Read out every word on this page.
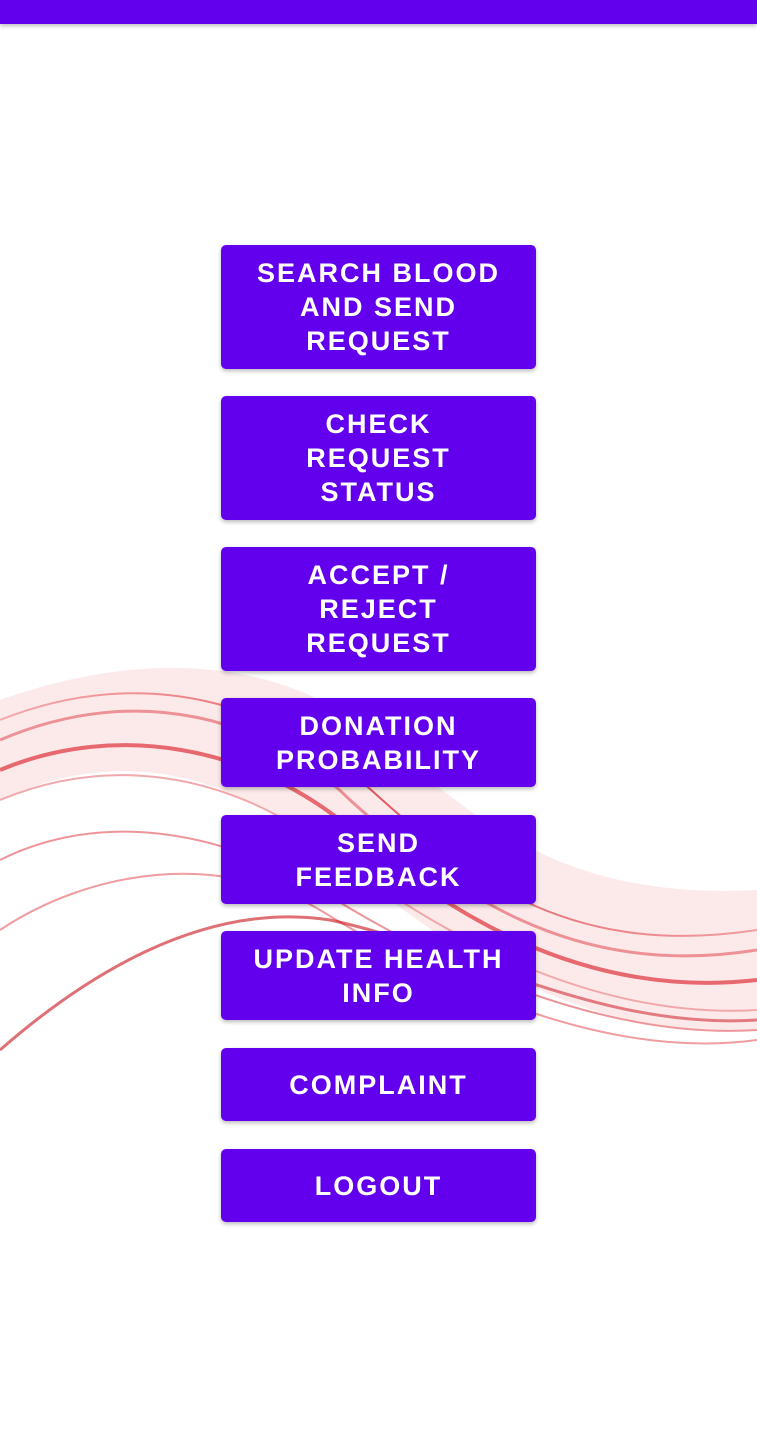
SEARCH BLOOD AND SEND REQUEST
CHECK REQUEST STATUS
ACCEPT / REJECT REQUEST
DONATION PROBABILITY
SEND FEEDBACK
UPDATE HEALTH INFO
COMPLAINT
LOGOUT
